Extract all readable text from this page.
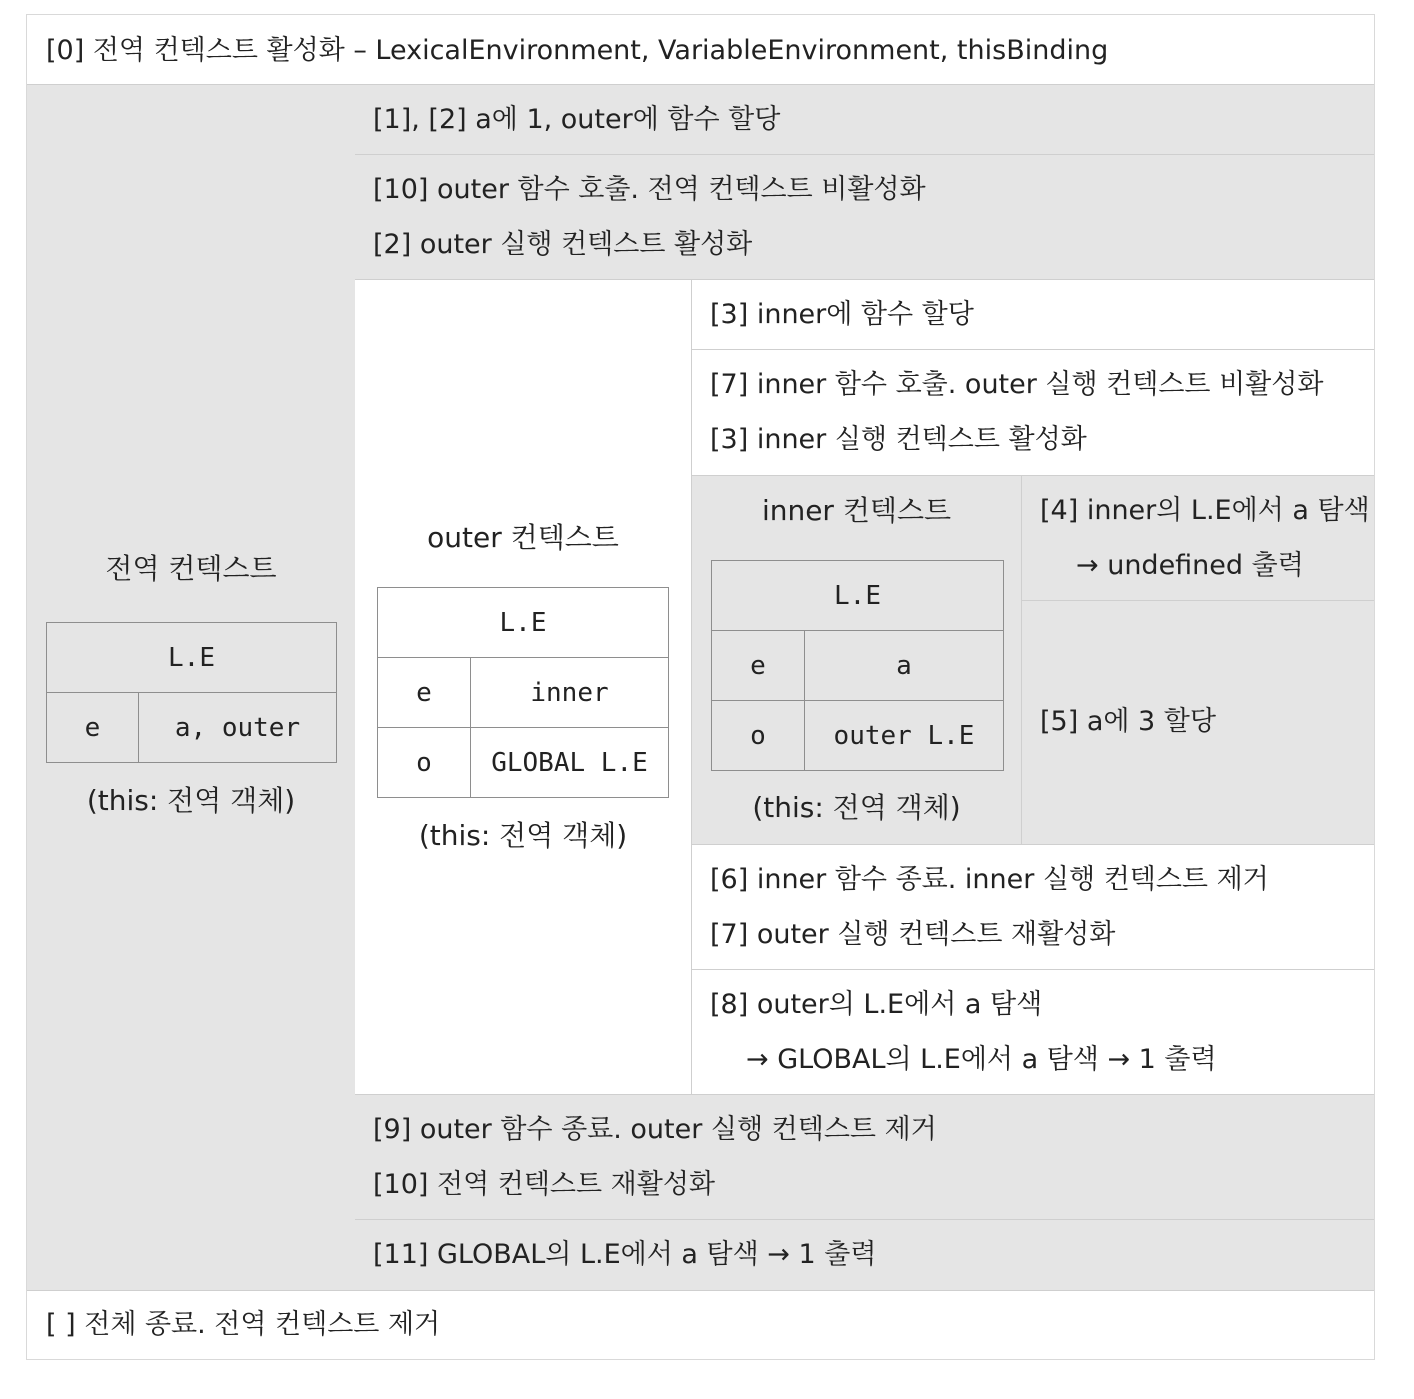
[0] 전역 컨텍스트 활성화 – LexicalEnvironment, VariableEnvironment, thisBinding
전역 컨텍스트
L.E
e	a, outer
(this: 전역 객체)
[1], [2] a에 1, outer에 함수 할당
[10] outer 함수 호출. 전역 컨텍스트 비활성화
[2] outer 실행 컨텍스트 활성화
outer 컨텍스트
L.E	
e	inner
o	GLOBAL L.E
(this: 전역 객체)
[3] inner에 함수 할당
[7] inner 함수 호출. outer 실행 컨텍스트 비활성화
[3] inner 실행 컨텍스트 활성화
inner 컨텍스트
L.E	
e	a
o	outer L.E
(this: 전역 객체)
[4] inner의 L.E에서 a 탐색
→ undefined 출력
[5] a에 3 할당
[6] inner 함수 종료. inner 실행 컨텍스트 제거
[7] outer 실행 컨텍스트 재활성화
[8] outer의 L.E에서 a 탐색
→ GLOBAL의 L.E에서 a 탐색 → 1 출력
[9] outer 함수 종료. outer 실행 컨텍스트 제거
[10] 전역 컨텍스트 재활성화
[11] GLOBAL의 L.E에서 a 탐색 → 1 출력
[ ] 전체 종료. 전역 컨텍스트 제거
